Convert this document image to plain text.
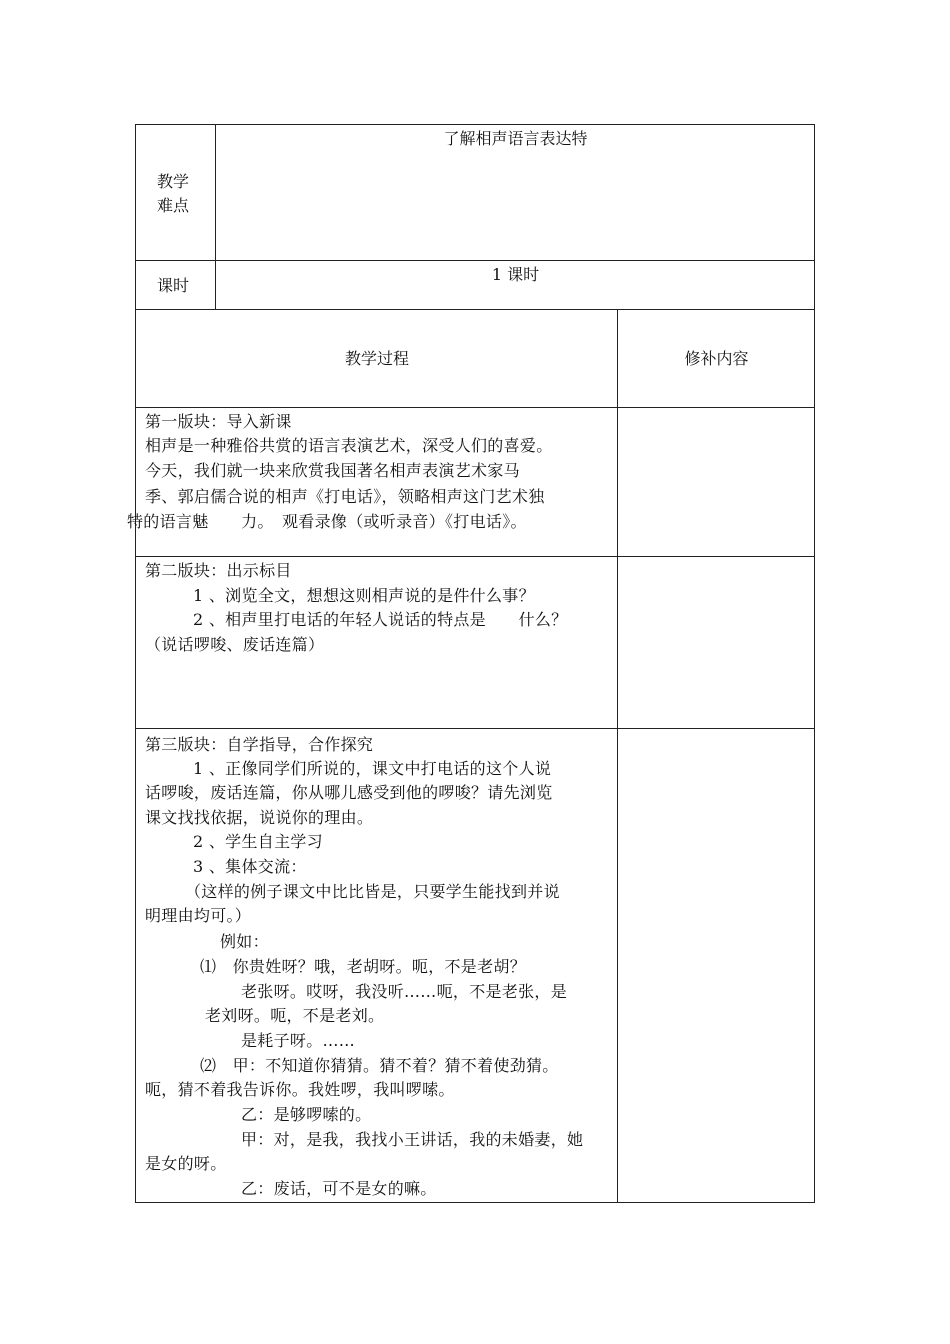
教学
难点
了解相声语言表达特
课时
1 课时
教学过程	修补内容
第一版块：导入新课
相声是一种雅俗共赏的语言表演艺术，深受人们的喜爱。
今天，我们就一块来欣赏我国著名相声表演艺术家马
季、郭启儒合说的相声《打电话》，领略相声这门艺术独
特的语言魅　　力。　观看录像（或听录音）《打电话》。
第二版块：出示标目
1 、浏览全文，想想这则相声说的是件什么事？
2 、相声里打电话的年轻人说话的特点是　　什么？
（说话啰唆、废话连篇）
第三版块：自学指导，合作探究
1 、正像同学们所说的，课文中打电话的这个人说
话啰唆，废话连篇，你从哪儿感受到他的啰唆？请先浏览
课文找找依据，说说你的理由。
2 、学生自主学习
3 、集体交流：
（这样的例子课文中比比皆是，只要学生能找到并说
明理由均可。）
例如：
⑴　你贵姓呀？哦，老胡呀。呃，不是老胡？
老张呀。哎呀，我没听……呃，不是老张，是
老刘呀。呃，不是老刘。
是耗子呀。……
⑵　甲：不知道你猜猜。猜不着？猜不着使劲猜。
呃，猜不着我告诉你。我姓啰，我叫啰嗦。
乙：是够啰嗦的。
甲：对，是我，我找小王讲话，我的未婚妻，她
是女的呀。
乙：废话，可不是女的嘛。
